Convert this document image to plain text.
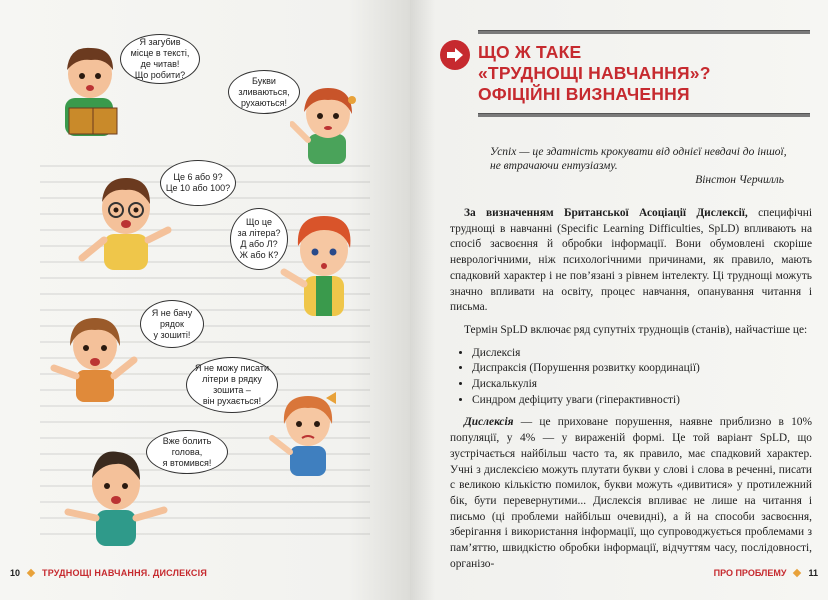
Я загубив
місце в тексті,
де читав!
Що робити?
Букви
зливаються,
рухаються!
Це 6 або 9?
Це 10 або 100?
Що це
за літера?
Д або Л?
Ж або К?
Я не бачу
рядок
у зошиті!
Я не можу писати
літери в рядку
зошита –
він рухається!
Вже болить
голова,
я втомився!
10 ТРУДНОЩІ НАВЧАННЯ. ДИСЛЕКСІЯ
ЩО Ж ТАКЕ
«ТРУДНОЩІ НАВЧАННЯ»?
ОФІЦІЙНІ ВИЗНАЧЕННЯ
Успіх — це здатність крокувати від однієї невдачі до іншої, не втрачаючи ентузіазму.
Вінстон Черчилль

За визначенням Британської Асоціації Дислексії, специфічні труднощі в навчанні (Specific Learning Difficulties, SpLD) впливають на спосіб засвоєння й обробки інформації. Вони обумовлені скоріше неврологічними, ніж психологічними причинами, як правило, мають спадковий характер і не пов’язані з рівнем інтелекту. Ці труднощі можуть значно впливати на освіту, процес навчання, опанування читання і письма.

Термін SpLD включає ряд супутніх труднощів (станів), найчастіше це:

• Дислексія
• Диспраксія (Порушення розвитку координації)
• Дискалькулія
• Синдром дефіциту уваги (гіперактивності)

Дислексія — це приховане порушення, наявне приблизно в 10% популяції, у 4% — у вираженій формі. Це той варіант SpLD, що зустрічається найбільш часто та, як правило, має спадковий характер. Учні з дислексією можуть плутати букви у слові і слова в реченні, писати с великою кількістю помилок, букви можуть «дивитися» у протилежний бік, бути перевернутими... Дислексія впливає не лише на читання і письмо (ці проблеми найбільш очевидні), а й на способи засвоєння, зберігання і використання інформації, що супроводжується проблемами з пам’яттю, швидкістю обробки інформації, відчуттям часу, послідовності, організо-

ПРО ПРОБЛЕМУ 11
